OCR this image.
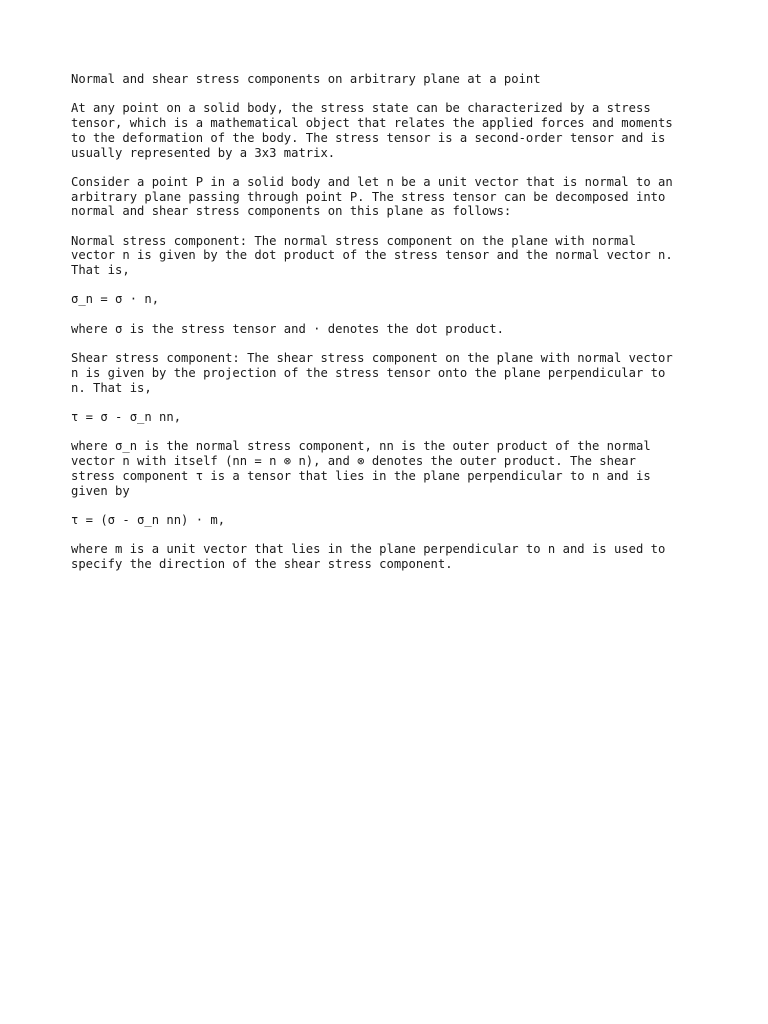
Normal and shear stress components on arbitrary plane at a point

At any point on a solid body, the stress state can be characterized by a stress
tensor, which is a mathematical object that relates the applied forces and moments
to the deformation of the body. The stress tensor is a second-order tensor and is
usually represented by a 3x3 matrix.

Consider a point P in a solid body and let n be a unit vector that is normal to an
arbitrary plane passing through point P. The stress tensor can be decomposed into
normal and shear stress components on this plane as follows:

Normal stress component: The normal stress component on the plane with normal
vector n is given by the dot product of the stress tensor and the normal vector n.
That is,

σ_n = σ · n,

where σ is the stress tensor and · denotes the dot product.

Shear stress component: The shear stress component on the plane with normal vector
n is given by the projection of the stress tensor onto the plane perpendicular to
n. That is,

τ = σ - σ_n nn,

where σ_n is the normal stress component, nn is the outer product of the normal
vector n with itself (nn = n ⊗ n), and ⊗ denotes the outer product. The shear
stress component τ is a tensor that lies in the plane perpendicular to n and is
given by

τ = (σ - σ_n nn) · m,

where m is a unit vector that lies in the plane perpendicular to n and is used to
specify the direction of the shear stress component.
